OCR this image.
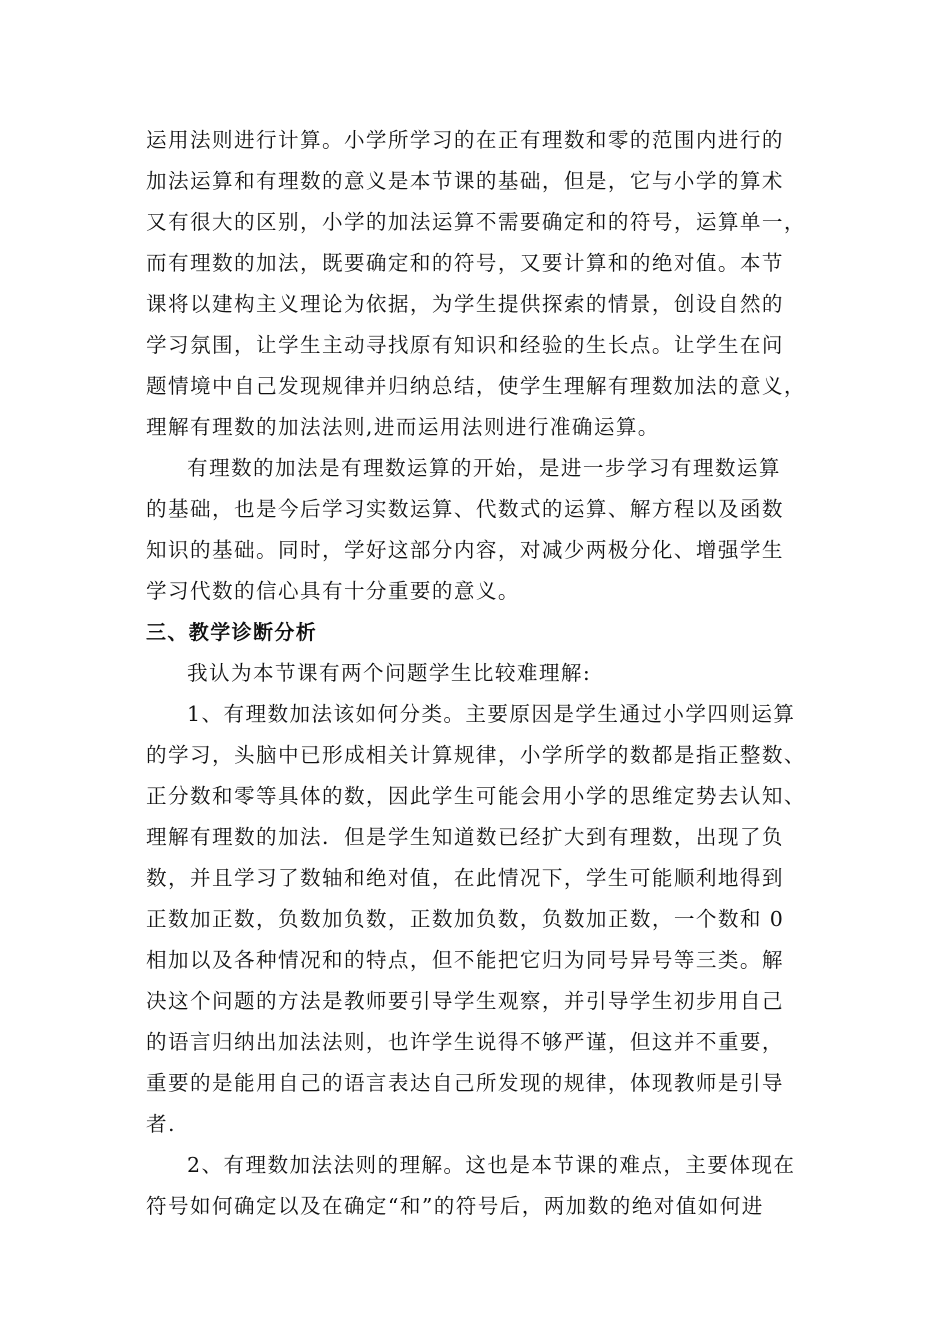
运用法则进行计算。小学所学习的在正有理数和零的范围内进行的
加法运算和有理数的意义是本节课的基础，但是，它与小学的算术
又有很大的区别，小学的加法运算不需要确定和的符号，运算单一，
而有理数的加法，既要确定和的符号，又要计算和的绝对值。本节
课将以建构主义理论为依据，为学生提供探索的情景，创设自然的
学习氛围，让学生主动寻找原有知识和经验的生长点。让学生在问
题情境中自己发现规律并归纳总结，使学生理解有理数加法的意义，
理解有理数的加法法则,进而运用法则进行准确运算。
有理数的加法是有理数运算的开始，是进一步学习有理数运算
的基础，也是今后学习实数运算、代数式的运算、解方程以及函数
知识的基础。同时，学好这部分内容，对减少两极分化、增强学生
学习代数的信心具有十分重要的意义。
三、教学诊断分析
我认为本节课有两个问题学生比较难理解:
1、有理数加法该如何分类。主要原因是学生通过小学四则运算
的学习，头脑中已形成相关计算规律，小学所学的数都是指正整数、
正分数和零等具体的数，因此学生可能会用小学的思维定势去认知、
理解有理数的加法．但是学生知道数已经扩大到有理数，出现了负
数，并且学习了数轴和绝对值，在此情况下，学生可能顺利地得到
正数加正数，负数加负数，正数加负数，负数加正数，一个数和 0
相加以及各种情况和的特点，但不能把它归为同号异号等三类。解
决这个问题的方法是教师要引导学生观察，并引导学生初步用自己
的语言归纳出加法法则，也许学生说得不够严谨，但这并不重要，
重要的是能用自己的语言表达自己所发现的规律，体现教师是引导
者.
2、有理数加法法则的理解。这也是本节课的难点，主要体现在
符号如何确定以及在确定“和”的符号后，两加数的绝对值如何进
